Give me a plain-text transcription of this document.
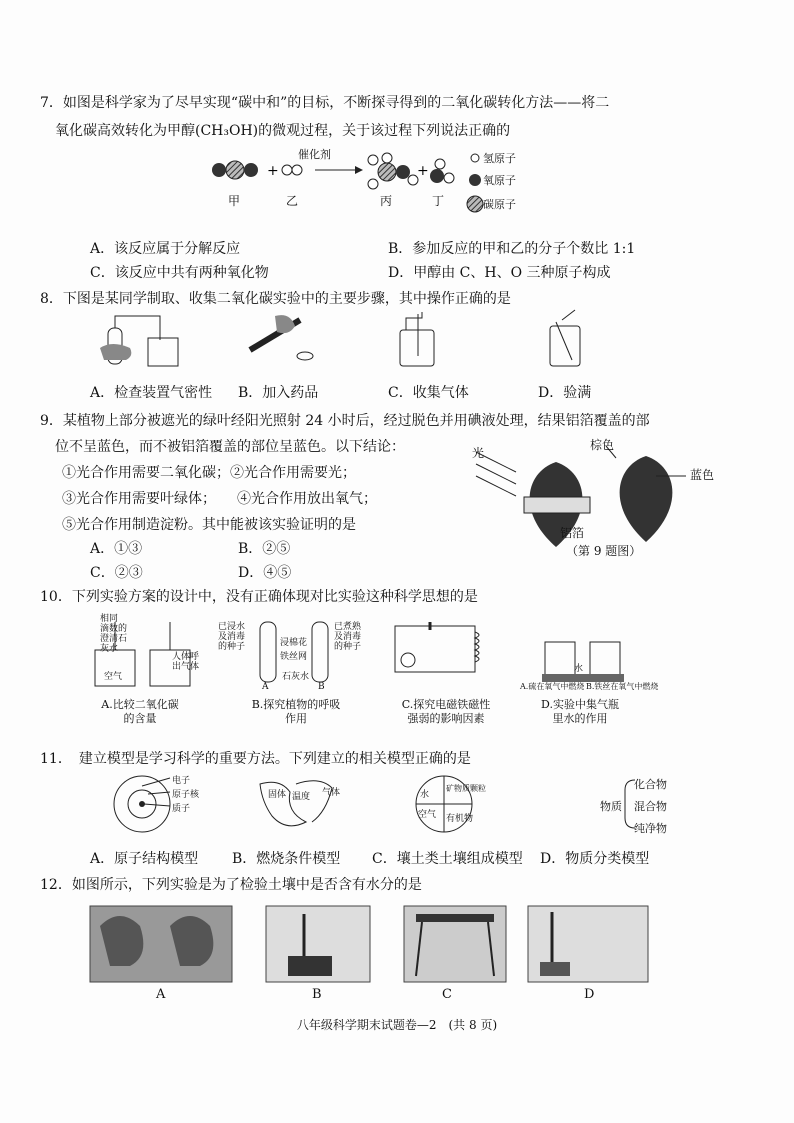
7．如图是科学家为了尽早实现“碳中和”的目标，不断探寻得到的二氧化碳转化方法——将二
氧化碳高效转化为甲醇(CH₃OH)的微观过程，关于该过程下列说法正确的
+	+
催化剂
甲	乙	丙	丁
氢原子
氧原子
碳原子
A．该反应属于分解反应	B．参加反应的甲和乙的分子个数比 1:1
C．该反应中共有两种氧化物	D．甲醇由 C、H、O 三种原子构成
8．下图是某同学制取、收集二氧化碳实验中的主要步骤，其中操作正确的是
A．检查装置气密性 B．加入药品	C．收集气体	D．验满
9．某植物上部分被遮光的绿叶经阳光照射 24 小时后，经过脱色并用碘液处理，结果铝箔覆盖的部
位不呈蓝色，而不被铝箔覆盖的部位呈蓝色。以下结论：
①光合作用需要二氧化碳；②光合作用需要光；
③光合作用需要叶绿体；　　④光合作用放出氧气；
⑤光合作用制造淀粉。其中能被该实验证明的是
A．①③	B．②⑤
C．②③	D．④⑤
光
棕色
蓝色
铝箔
（第 9 题图）
10．下列实验方案的设计中，没有正确体现对比实验这种科学思想的是
相同
滴数的
澄清石
灰水
空气
人体呼
出气体
已浸水
及消毒
的种子	浸棉花
铁丝网
已煮熟
及消毒
的种子
石灰水
A	B
水
A.硫在氧气中燃烧 B.铁丝在氧气中燃烧
A.比较二氧化碳
的含量
B.探究植物的呼吸
作用
C.探究电磁铁磁性
强弱的影响因素
D.实验中集气瓶
里水的作用
11．　建立模型是学习科学的重要方法。下列建立的相关模型正确的是
电子
原子核
质子
固体 温度 气体	水
矿物质颗粒
空气 有机物
物质
化合物
混合物
纯净物
A．原子结构模型 B．燃烧条件模型 C．壤土类土壤组成模型 D．物质分类模型
12．如图所示，下列实验是为了检验土壤中是否含有水分的是
A	B	C	D
八年级科学期末试题卷—2　(共 8 页)
